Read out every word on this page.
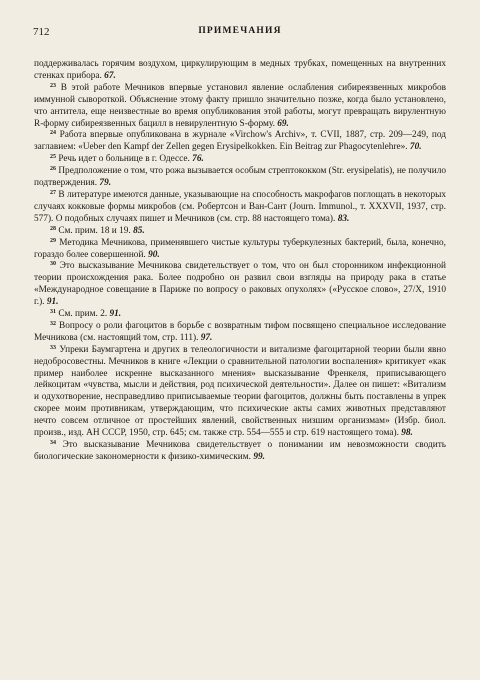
712	ПРИМЕЧАНИЯ

поддерживалась горячим воздухом, циркулирующим в медных трубках, помещенных на внутренних стенках прибора. 67.

$^{23}$ В этой работе Мечников впервые установил явление ослабления сибиреязвенных микробов иммунной сывороткой. Объяснение этому факту пришло значительно позже, когда было установлено, что антитела, еще неизвестные во время опубликования этой работы, могут превращать вирулентную R-форму сибиреязвенных бацилл в невирулентную S-форму. 69.

$^{24}$ Работа впервые опубликована в журнале «Virchow's Archiv», т. CVII, 1887, стр. 209—249, под заглавием: «Ueber den Kampf der Zellen gegen Erysipelkokken. Ein Beitrag zur Phagocytenlehre». 70.

$^{25}$ Речь идет о больнице в г. Одессе. 76.

$^{26}$ Предположение о том, что рожа вызывается особым стрептококком (Str. erysipelatis), не получило подтверждения. 79.

$^{27}$ В литературе имеются данные, указывающие на способность макрофагов поглощать в некоторых случаях кокковые формы микробов (см. Робертсон и Ван-Сант (Journ. Immunol., т. XXXVII, 1937, стр. 577). О подобных случаях пишет и Мечников (см. стр. 88 настоящего тома). 83.

$^{28}$ См. прим. 18 и 19. 85.

$^{29}$ Методика Мечникова, применявшего чистые культуры туберкулезных бактерий, была, конечно, гораздо более совершенной. 90.

$^{30}$ Это высказывание Мечникова свидетельствует о том, что он был сторонником инфекционной теории происхождения рака. Более подробно он развил свои взгляды на природу рака в статье «Международное совещание в Париже по вопросу о раковых опухолях» («Русское слово», 27/X, 1910 г.). 91.

$^{31}$ См. прим. 2. 91.

$^{32}$ Вопросу о роли фагоцитов в борьбе с возвратным тифом посвящено специальное исследование Мечникова (см. настоящий том, стр. 111). 97.

$^{33}$ Упреки Баумгартена и других в телеологичности и витализме фагоцитарной теории были явно недобросовестны. Мечников в книге «Лекции о сравнительной патологии воспаления» критикует «как пример наиболее искренне высказанного мнения» высказывание Френкеля, приписывающего лейкоцитам «чувства, мысли и действия, род психической деятельности». Далее он пишет: «Витализм и одухотворение, несправедливо приписываемые теории фагоцитов, должны быть поставлены в упрек скорее моим противникам, утверждающим, что психические акты самих животных представляют нечто совсем отличное от простейших явлений, свойственных низшим организмам» (Избр. биол. произв., изд. АН СССР, 1950, стр. 645; см. также стр. 554—555 и стр. 619 настоящего тома). 98.

$^{34}$ Это высказывание Мечникова свидетельствует о понимании им невозможности сводить биологические закономерности к физико-химическим. 99.
